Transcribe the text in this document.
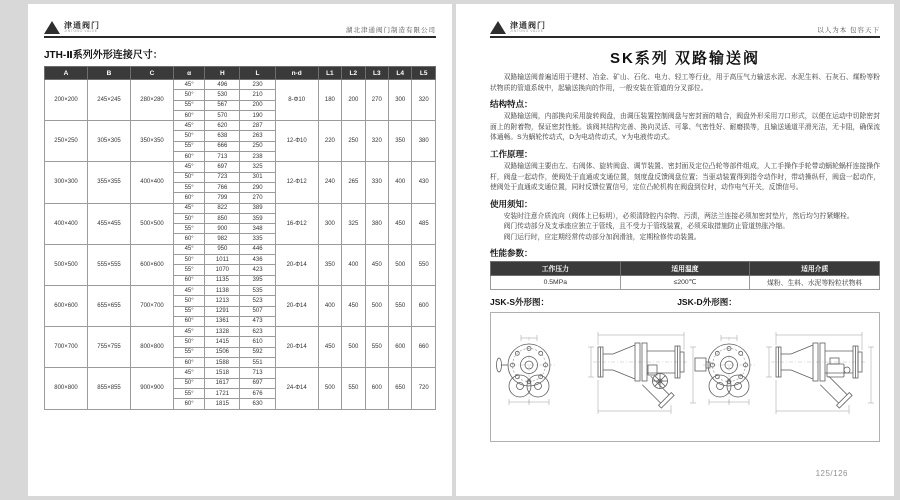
津通阀门
JINTONG VALVE	湖北津通阀门制造有限公司
JTH-Ⅱ系列外形连接尺寸：
A	B	C	α	H	L	n-d	L1	L2	L3	L4	L5
200×200	245×245	280×280	45°	496	230	8-Φ10	180	200	270	300	320
			50°	530	210						
			55°	567	200						
			60°	570	190						
250×250	305×305	350×350	45°	620	287	12-Φ10	220	250	320	350	380
			50°	638	263						
			55°	666	250						
			60°	713	238						
300×300	355×355	400×400	45°	697	325	12-Φ12	240	265	330	400	430
			50°	723	301						
			55°	766	290						
			60°	799	270						
400×400	455×455	500×500	45°	822	389	16-Φ12	300	325	380	450	485
			50°	850	359						
			55°	900	348						
			60°	982	335						
500×500	555×555	600×600	45°	950	446	20-Φ14	350	400	450	500	550
			50°	1011	436						
			55°	1070	423						
			60°	1135	395						
600×600	655×655	700×700	45°	1138	535	20-Φ14	400	450	500	550	600
			50°	1213	523						
			55°	1291	507						
			60°	1361	473						
700×700	755×755	800×800	45°	1328	623	20-Φ14	450	500	550	600	660
			50°	1415	610						
			55°	1506	592						
			60°	1588	551						
800×800	855×855	900×900	45°	1518	713	24-Φ14	500	550	600	650	720
			50°	1617	697						
			55°	1721	676						
			60°	1815	630						
津通阀门
JINTONG VALVE	以人为本 包容天下
SK系列 双路输送阀

双路输送阀普遍适用于建材、冶金、矿山、石化、电力、轻工等行业，用于高压气力输送水泥、水泥生料、石灰石、煤粉等粉状物质的管道系统中，起输送换向的作用，一般安装在管道的分叉部位。

结构特点：

双路输送阀，内部换向采用旋转阀盘，由调压装置控制阀盘与密封面的啮合，阀盘外形采用刀口形式，以便在运动中切除密封面上的附着物，保证密封性能。该阀其结构完善、换向灵活、可靠、气密性好、耐磨损等，且输送通道平滑光洁，无卡阻，确保流体通畅。S为蜗轮传动式，D为电动传动式，Y为电液传动式。

工作原理：

双路输送阀主要由左、右阀体、旋转阀盘、调节装置、密封面及定位凸轮等部件组成，人工手操作手轮带动蜗轮蜗杆连接操作杆，阀盘一起动作，使阀处于直通或支通位置，刻度盘反馈阀盘位置；当驱动装置得到指令动作时，带动操纵杆，阀盘一起动作，使阀处于直通或支通位置，同时反馈位置信号，定位凸轮机构在阀盘到位时，动作电气开关，反馈信号。

使用须知：

安装时注意介质流向（阀体上已标明），必须清除腔内杂物、污渍，两法兰连接必须加密封垫片，然后均匀拧紧螺栓。

阀门传动部分及支承座应独立于管线，且不受力于管线装置，必须采取措施防止管道热胀冷缩。

阀门运行时，应定期经常传动部分加润滑油，定期检修传动装置。

性能参数：
工作压力	适用温度	适用介质
0.5MPa	≤200℃	煤粉、生料、水泥等粉粒状物料
JSK-S外形图：	JSK-D外形图：
125/126
